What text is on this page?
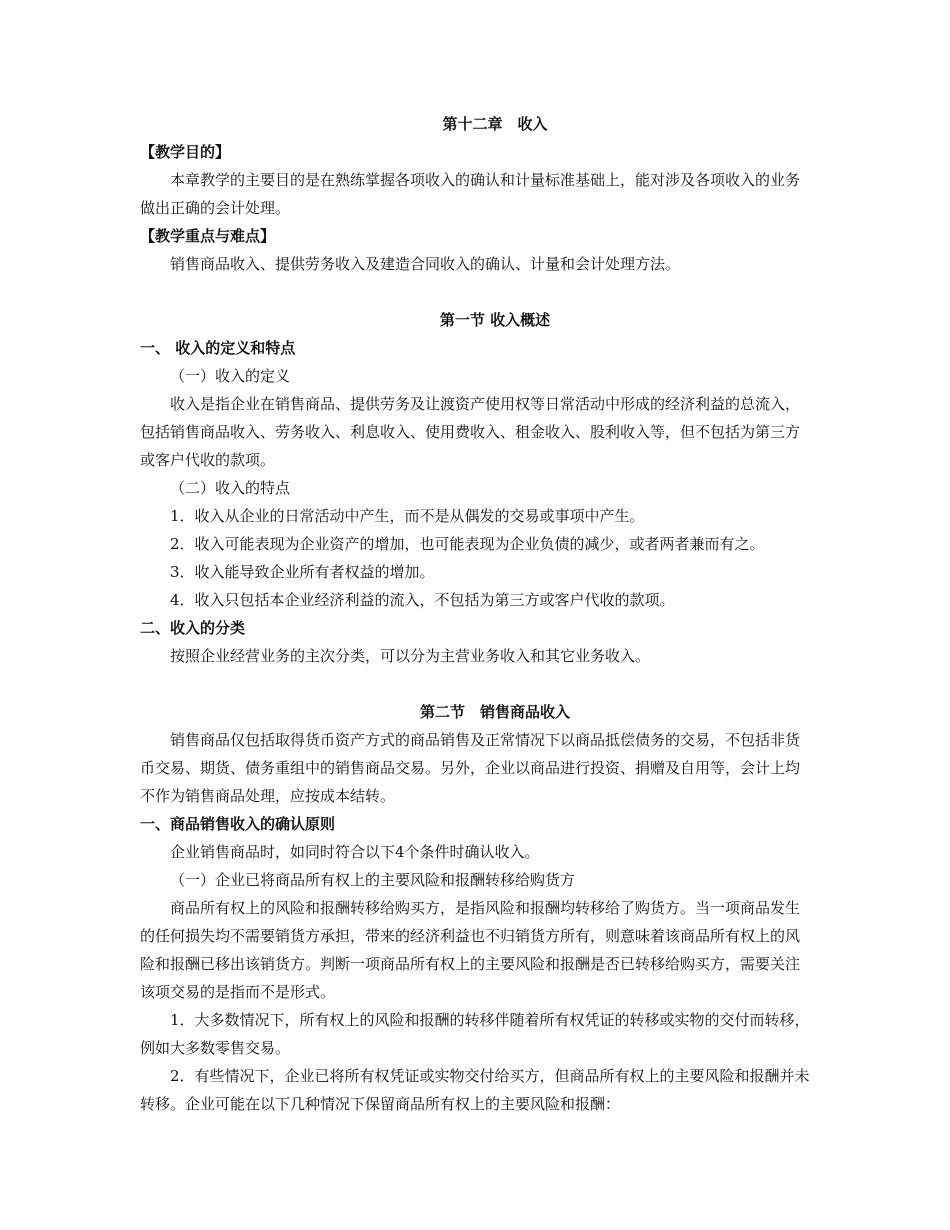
第十二章　收入

【教学目的】

本章教学的主要目的是在熟练掌握各项收入的确认和计量标准基础上，能对涉及各项收入的业务做出正确的会计处理。

【教学重点与难点】

销售商品收入、提供劳务收入及建造合同收入的确认、计量和会计处理方法。

第一节 收入概述

一、 收入的定义和特点

（一）收入的定义

收入是指企业在销售商品、提供劳务及让渡资产使用权等日常活动中形成的经济利益的总流入，包括销售商品收入、劳务收入、利息收入、使用费收入、租金收入、股利收入等，但不包括为第三方或客户代收的款项。

（二）收入的特点

1．收入从企业的日常活动中产生，而不是从偶发的交易或事项中产生。

2．收入可能表现为企业资产的增加，也可能表现为企业负债的减少，或者两者兼而有之。

3．收入能导致企业所有者权益的增加。

4．收入只包括本企业经济利益的流入，不包括为第三方或客户代收的款项。

二、收入的分类

按照企业经营业务的主次分类，可以分为主营业务收入和其它业务收入。

第二节　销售商品收入

销售商品仅包括取得货币资产方式的商品销售及正常情况下以商品抵偿债务的交易，不包括非货币交易、期货、债务重组中的销售商品交易。另外，企业以商品进行投资、捐赠及自用等，会计上均不作为销售商品处理，应按成本结转。

一、商品销售收入的确认原则

企业销售商品时，如同时符合以下4个条件时确认收入。

（一）企业已将商品所有权上的主要风险和报酬转移给购货方

商品所有权上的风险和报酬转移给购买方，是指风险和报酬均转移给了购货方。当一项商品发生的任何损失均不需要销货方承担，带来的经济利益也不归销货方所有，则意味着该商品所有权上的风险和报酬已移出该销货方。判断一项商品所有权上的主要风险和报酬是否已转移给购买方，需要关注该项交易的是指而不是形式。

1．大多数情况下，所有权上的风险和报酬的转移伴随着所有权凭证的转移或实物的交付而转移，例如大多数零售交易。

2．有些情况下，企业已将所有权凭证或实物交付给买方，但商品所有权上的主要风险和报酬并未转移。企业可能在以下几种情况下保留商品所有权上的主要风险和报酬：
